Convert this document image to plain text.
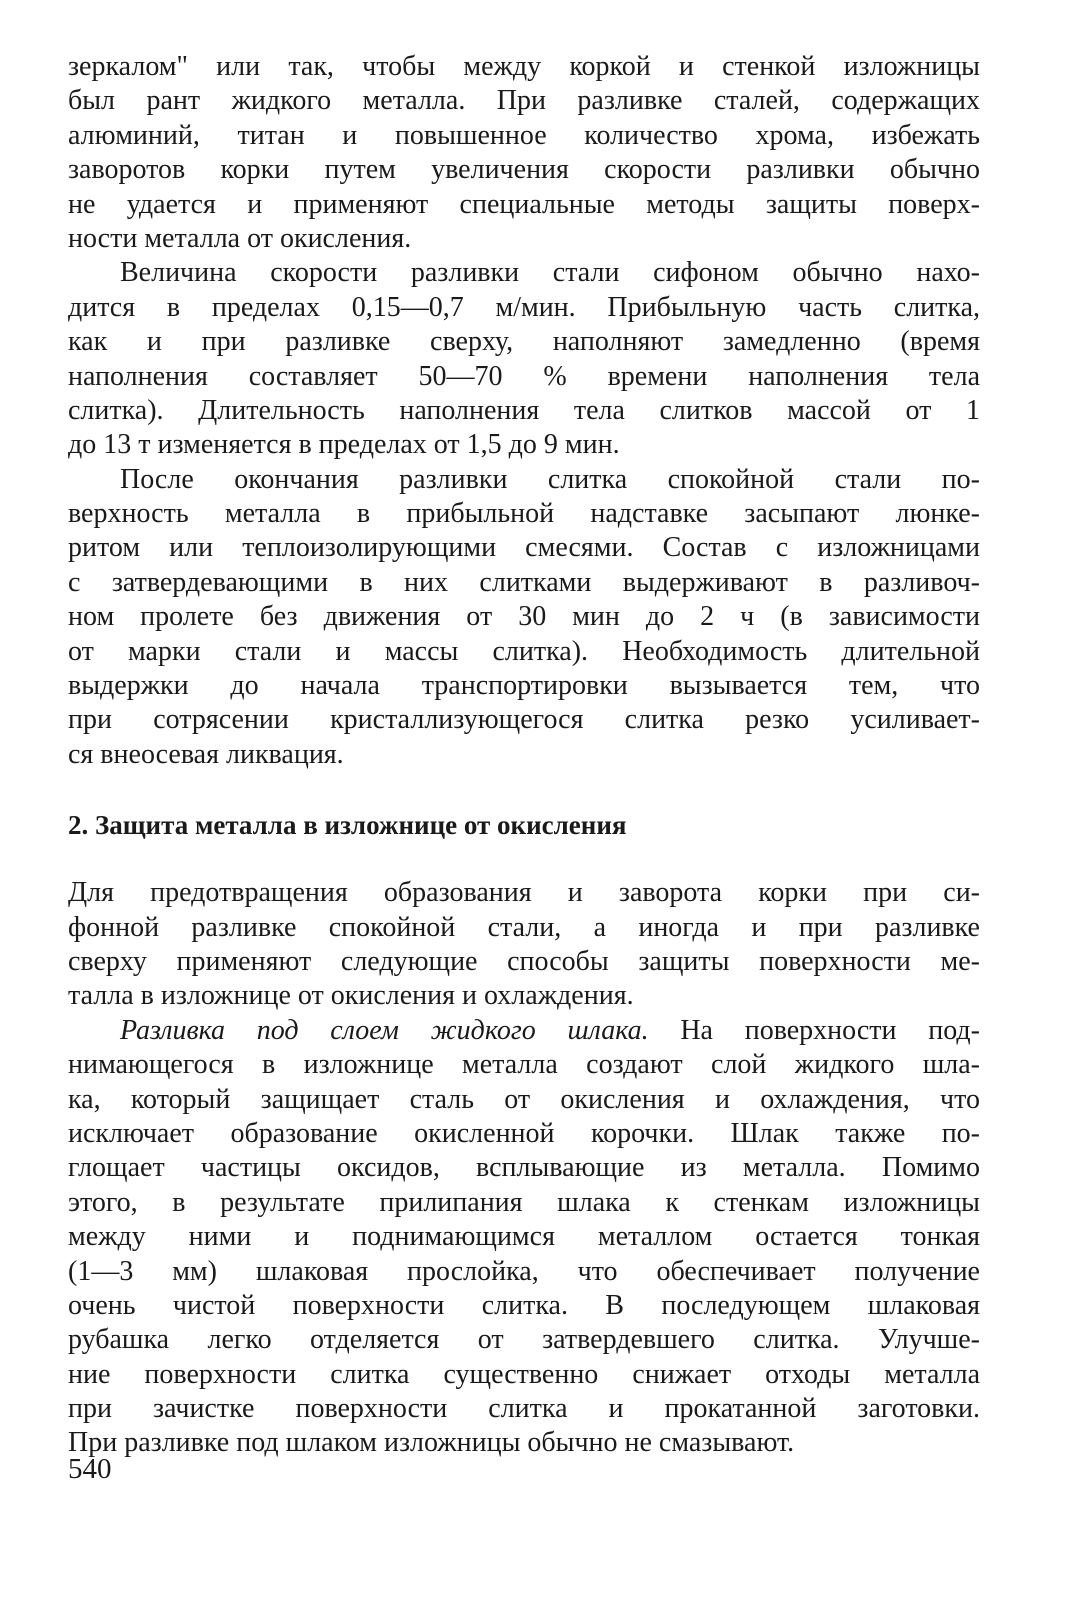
зеркалом" или так, чтобы между коркой и стенкой изложницы
был рант жидкого металла. При разливке сталей, содержащих
алюминий, титан и повышенное количество хрома, избежать
заворотов корки путем увеличения скорости разливки обычно
не удается и применяют специальные методы защиты поверх-
ности металла от окисления.
Величина скорости разливки стали сифоном обычно нахо-
дится в пределах 0,15—0,7 м/мин. Прибыльную часть слитка,
как и при разливке сверху, наполняют замедленно (время
наполнения составляет 50—70 % времени наполнения тела
слитка). Длительность наполнения тела слитков массой от 1
до 13 т изменяется в пределах от 1,5 до 9 мин.
После окончания разливки слитка спокойной стали по-
верхность металла в прибыльной надставке засыпают люнке-
ритом или теплоизолирующими смесями. Состав с изложницами
с затвердевающими в них слитками выдерживают в разливоч-
ном пролете без движения от 30 мин до 2 ч (в зависимости
от марки стали и массы слитка). Необходимость длительной
выдержки до начала транспортировки вызывается тем, что
при сотрясении кристаллизующегося слитка резко усиливает-
ся внеосевая ликвация.
2. Защита металла в изложнице от окисления
Для предотвращения образования и заворота корки при си-
фонной разливке спокойной стали, а иногда и при разливке
сверху применяют следующие способы защиты поверхности ме-
талла в изложнице от окисления и охлаждения.
Разливка под слоем жидкого шлака. На поверхности под-
нимающегося в изложнице металла создают слой жидкого шла-
ка, который защищает сталь от окисления и охлаждения, что
исключает образование окисленной корочки. Шлак также по-
глощает частицы оксидов, всплывающие из металла. Помимо
этого, в результате прилипания шлака к стенкам изложницы
между ними и поднимающимся металлом остается тонкая
(1—3 мм) шлаковая прослойка, что обеспечивает получение
очень чистой поверхности слитка. В последующем шлаковая
рубашка легко отделяется от затвердевшего слитка. Улучше-
ние поверхности слитка существенно снижает отходы металла
при зачистке поверхности слитка и прокатанной заготовки.
При разливке под шлаком изложницы обычно не смазывают.
540
